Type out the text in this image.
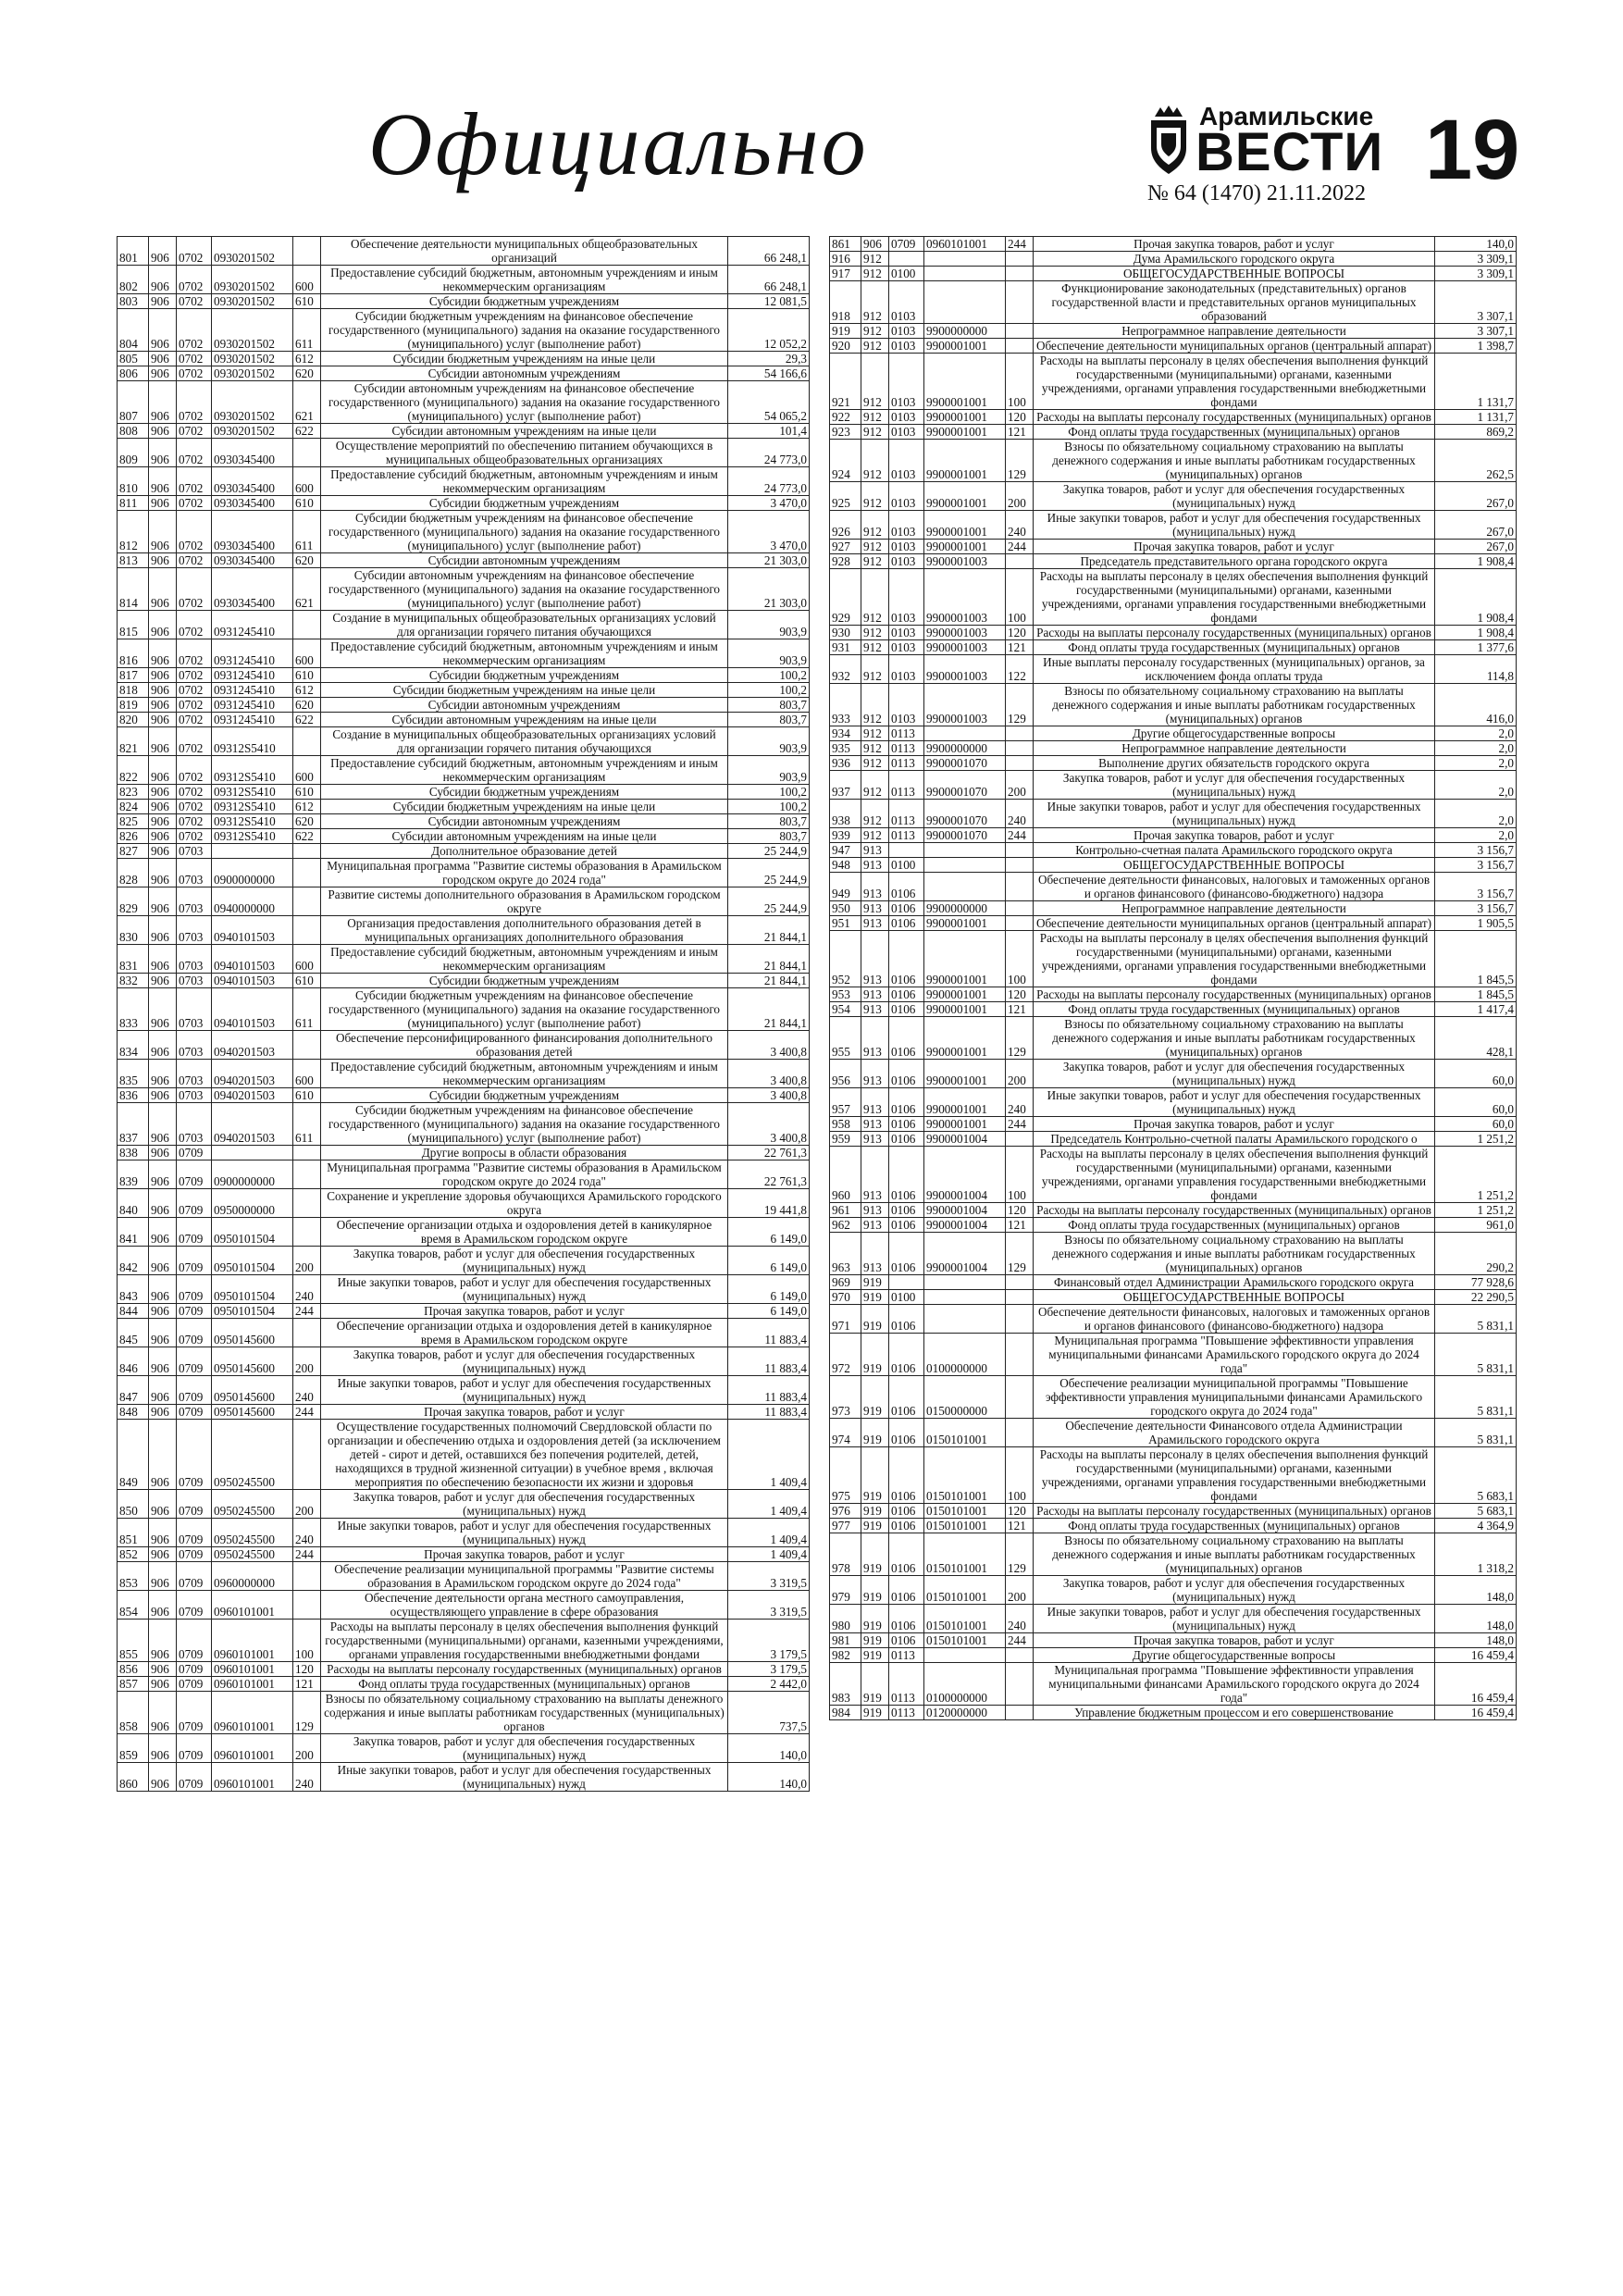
Официально	Арамильские
ВЕСТИ 19
№ 64 (1470) 21.11.2022
801	906	0702	0930201502		Обеспечение деятельности муниципальных общеобразовательных организаций	66 248,1
802	906	0702	0930201502	600	Предоставление субсидий бюджетным, автономным учреждениям и иным некоммерческим организациям	66 248,1
803	906	0702	0930201502	610	Субсидии бюджетным учреждениям	12 081,5
804	906	0702	0930201502	611	Субсидии бюджетным учреждениям на финансовое обеспечение государственного (муниципального) задания на оказание государственного (муниципального) услуг (выполнение работ)	12 052,2
805	906	0702	0930201502	612	Субсидии бюджетным учреждениям на иные цели	29,3
806	906	0702	0930201502	620	Субсидии автономным учреждениям	54 166,6
807	906	0702	0930201502	621	Субсидии автономным учреждениям на финансовое обеспечение государственного (муниципального) задания на оказание государственного (муниципального) услуг (выполнение работ)	54 065,2
808	906	0702	0930201502	622	Субсидии автономным учреждениям на иные цели	101,4
809	906	0702	0930345400		Осуществление мероприятий по обеспечению питанием обучающихся в муниципальных общеобразовательных организациях	24 773,0
810	906	0702	0930345400	600	Предоставление субсидий бюджетным, автономным учреждениям и иным некоммерческим организациям	24 773,0
811	906	0702	0930345400	610	Субсидии бюджетным учреждениям	3 470,0
812	906	0702	0930345400	611	Субсидии бюджетным учреждениям на финансовое обеспечение государственного (муниципального) задания на оказание государственного (муниципального) услуг (выполнение работ)	3 470,0
813	906	0702	0930345400	620	Субсидии автономным учреждениям	21 303,0
814	906	0702	0930345400	621	Субсидии автономным учреждениям на финансовое обеспечение государственного (муниципального) задания на оказание государственного (муниципального) услуг (выполнение работ)	21 303,0
815	906	0702	0931245410		Создание в муниципальных общеобразовательных организациях условий для организации горячего питания обучающихся	903,9
816	906	0702	0931245410	600	Предоставление субсидий бюджетным, автономным учреждениям и иным некоммерческим организациям	903,9
817	906	0702	0931245410	610	Субсидии бюджетным учреждениям	100,2
818	906	0702	0931245410	612	Субсидии бюджетным учреждениям на иные цели	100,2
819	906	0702	0931245410	620	Субсидии автономным учреждениям	803,7
820	906	0702	0931245410	622	Субсидии автономным учреждениям на иные цели	803,7
821	906	0702	09312S5410		Создание в муниципальных общеобразовательных организациях условий для организации горячего питания обучающихся	903,9
822	906	0702	09312S5410	600	Предоставление субсидий бюджетным, автономным учреждениям и иным некоммерческим организациям	903,9
823	906	0702	09312S5410	610	Субсидии бюджетным учреждениям	100,2
824	906	0702	09312S5410	612	Субсидии бюджетным учреждениям на иные цели	100,2
825	906	0702	09312S5410	620	Субсидии автономным учреждениям	803,7
826	906	0702	09312S5410	622	Субсидии автономным учреждениям на иные цели	803,7
827	906	0703			Дополнительное образование детей	25 244,9
828	906	0703	0900000000		Муниципальная программа "Развитие системы образования в Арамильском городском округе до 2024 года"	25 244,9
829	906	0703	0940000000		Развитие системы дополнительного образования в Арамильском городском округе	25 244,9
830	906	0703	0940101503		Организация предоставления дополнительного образования детей в муниципальных организациях дополнительного образования	21 844,1
831	906	0703	0940101503	600	Предоставление субсидий бюджетным, автономным учреждениям и иным некоммерческим организациям	21 844,1
832	906	0703	0940101503	610	Субсидии бюджетным учреждениям	21 844,1
833	906	0703	0940101503	611	Субсидии бюджетным учреждениям на финансовое обеспечение государственного (муниципального) задания на оказание государственного (муниципального) услуг (выполнение работ)	21 844,1
834	906	0703	0940201503		Обеспечение персонифицированного финансирования дополнительного образования детей	3 400,8
835	906	0703	0940201503	600	Предоставление субсидий бюджетным, автономным учреждениям и иным некоммерческим организациям	3 400,8
836	906	0703	0940201503	610	Субсидии бюджетным учреждениям	3 400,8
837	906	0703	0940201503	611	Субсидии бюджетным учреждениям на финансовое обеспечение государственного (муниципального) задания на оказание государственного (муниципального) услуг (выполнение работ)	3 400,8
838	906	0709			Другие вопросы в области образования	22 761,3
839	906	0709	0900000000		Муниципальная программа "Развитие системы образования в Арамильском городском округе до 2024 года"	22 761,3
840	906	0709	0950000000		Сохранение и укрепление здоровья обучающихся Арамильского городского округа	19 441,8
841	906	0709	0950101504		Обеспечение организации отдыха и оздоровления детей в каникулярное время в Арамильском городском округе	6 149,0
842	906	0709	0950101504	200	Закупка товаров, работ и услуг для обеспечения государственных (муниципальных) нужд	6 149,0
843	906	0709	0950101504	240	Иные закупки товаров, работ и услуг для обеспечения государственных (муниципальных) нужд	6 149,0
844	906	0709	0950101504	244	Прочая закупка товаров, работ и услуг	6 149,0
845	906	0709	0950145600		Обеспечение организации отдыха и оздоровления детей в каникулярное время в Арамильском городском округе	11 883,4
846	906	0709	0950145600	200	Закупка товаров, работ и услуг для обеспечения государственных (муниципальных) нужд	11 883,4
847	906	0709	0950145600	240	Иные закупки товаров, работ и услуг для обеспечения государственных (муниципальных) нужд	11 883,4
848	906	0709	0950145600	244	Прочая закупка товаров, работ и услуг	11 883,4
849	906	0709	0950245500		Осуществление государственных полномочий Свердловской области по организации и обеспечению отдыха и оздоровления детей (за исключением детей - сирот и детей, оставшихся без попечения родителей, детей, находящихся в трудной жизненной ситуации) в учебное время , включая мероприятия по обеспечению безопасности их жизни и здоровья	1 409,4
850	906	0709	0950245500	200	Закупка товаров, работ и услуг для обеспечения государственных (муниципальных) нужд	1 409,4
851	906	0709	0950245500	240	Иные закупки товаров, работ и услуг для обеспечения государственных (муниципальных) нужд	1 409,4
852	906	0709	0950245500	244	Прочая закупка товаров, работ и услуг	1 409,4
853	906	0709	0960000000		Обеспечение реализации муниципальной программы "Развитие системы образования в Арамильском городском округе до 2024 года"	3 319,5
854	906	0709	0960101001		Обеспечение деятельности органа местного самоуправления, осуществляющего управление в сфере образования	3 319,5
855	906	0709	0960101001	100	Расходы на выплаты персоналу в целях обеспечения выполнения функций государственными (муниципальными) органами, казенными учреждениями, органами управления государственными внебюджетными фондами	3 179,5
856	906	0709	0960101001	120	Расходы на выплаты персоналу государственных (муниципальных) органов	3 179,5
857	906	0709	0960101001	121	Фонд оплаты труда государственных (муниципальных) органов	2 442,0
858	906	0709	0960101001	129	Взносы по обязательному социальному страхованию на выплаты денежного содержания и иные выплаты работникам государственных (муниципальных) органов	737,5
859	906	0709	0960101001	200	Закупка товаров, работ и услуг для обеспечения государственных (муниципальных) нужд	140,0
860	906	0709	0960101001	240	Иные закупки товаров, работ и услуг для обеспечения государственных (муниципальных) нужд	140,0
861	906	0709	0960101001	244	Прочая закупка товаров, работ и услуг	140,0
916	912				Дума Арамильского городского округа	3 309,1
917	912	0100			ОБЩЕГОСУДАРСТВЕННЫЕ ВОПРОСЫ	3 309,1
918	912	0103			Функционирование законодательных (представительных) органов государственной власти и представительных органов муниципальных образований	3 307,1
919	912	0103	9900000000		Непрограммное направление деятельности	3 307,1
920	912	0103	9900001001		Обеспечение деятельности муниципальных органов (центральный аппарат)	1 398,7
921	912	0103	9900001001	100	Расходы на выплаты персоналу в целях обеспечения выполнения функций государственными (муниципальными) органами, казенными учреждениями, органами управления государственными внебюджетными фондами	1 131,7
922	912	0103	9900001001	120	Расходы на выплаты персоналу государственных (муниципальных) органов	1 131,7
923	912	0103	9900001001	121	Фонд оплаты труда государственных (муниципальных) органов	869,2
924	912	0103	9900001001	129	Взносы по обязательному социальному страхованию на выплаты денежного содержания и иные выплаты работникам государственных (муниципальных) органов	262,5
925	912	0103	9900001001	200	Закупка товаров, работ и услуг для обеспечения государственных (муниципальных) нужд	267,0
926	912	0103	9900001001	240	Иные закупки товаров, работ и услуг для обеспечения государственных (муниципальных) нужд	267,0
927	912	0103	9900001001	244	Прочая закупка товаров, работ и услуг	267,0
928	912	0103	9900001003		Председатель представительного органа городского округа	1 908,4
929	912	0103	9900001003	100	Расходы на выплаты персоналу в целях обеспечения выполнения функций государственными (муниципальными) органами, казенными учреждениями, органами управления государственными внебюджетными фондами	1 908,4
930	912	0103	9900001003	120	Расходы на выплаты персоналу государственных (муниципальных) органов	1 908,4
931	912	0103	9900001003	121	Фонд оплаты труда государственных (муниципальных) органов	1 377,6
932	912	0103	9900001003	122	Иные выплаты персоналу государственных (муниципальных) органов, за исключением фонда оплаты труда	114,8
933	912	0103	9900001003	129	Взносы по обязательному социальному страхованию на выплаты денежного содержания и иные выплаты работникам государственных (муниципальных) органов	416,0
934	912	0113			Другие общегосударственные вопросы	2,0
935	912	0113	9900000000		Непрограммное направление деятельности	2,0
936	912	0113	9900001070		Выполнение других обязательств городского округа	2,0
937	912	0113	9900001070	200	Закупка товаров, работ и услуг для обеспечения государственных (муниципальных) нужд	2,0
938	912	0113	9900001070	240	Иные закупки товаров, работ и услуг для обеспечения государственных (муниципальных) нужд	2,0
939	912	0113	9900001070	244	Прочая закупка товаров, работ и услуг	2,0
947	913				Контрольно-счетная палата Арамильского городского округа	3 156,7
948	913	0100			ОБЩЕГОСУДАРСТВЕННЫЕ ВОПРОСЫ	3 156,7
949	913	0106			Обеспечение деятельности финансовых, налоговых и таможенных органов и органов финансового (финансово-бюджетного) надзора	3 156,7
950	913	0106	9900000000		Непрограммное направление деятельности	3 156,7
951	913	0106	9900001001		Обеспечение деятельности муниципальных органов (центральный аппарат)	1 905,5
952	913	0106	9900001001	100	Расходы на выплаты персоналу в целях обеспечения выполнения функций государственными (муниципальными) органами, казенными учреждениями, органами управления государственными внебюджетными фондами	1 845,5
953	913	0106	9900001001	120	Расходы на выплаты персоналу государственных (муниципальных) органов	1 845,5
954	913	0106	9900001001	121	Фонд оплаты труда государственных (муниципальных) органов	1 417,4
955	913	0106	9900001001	129	Взносы по обязательному социальному страхованию на выплаты денежного содержания и иные выплаты работникам государственных (муниципальных) органов	428,1
956	913	0106	9900001001	200	Закупка товаров, работ и услуг для обеспечения государственных (муниципальных) нужд	60,0
957	913	0106	9900001001	240	Иные закупки товаров, работ и услуг для обеспечения государственных (муниципальных) нужд	60,0
958	913	0106	9900001001	244	Прочая закупка товаров, работ и услуг	60,0
959	913	0106	9900001004		Председатель Контрольно-счетной палаты Арамильского городского о	1 251,2
960	913	0106	9900001004	100	Расходы на выплаты персоналу в целях обеспечения выполнения функций государственными (муниципальными) органами, казенными учреждениями, органами управления государственными внебюджетными фондами	1 251,2
961	913	0106	9900001004	120	Расходы на выплаты персоналу государственных (муниципальных) органов	1 251,2
962	913	0106	9900001004	121	Фонд оплаты труда государственных (муниципальных) органов	961,0
963	913	0106	9900001004	129	Взносы по обязательному социальному страхованию на выплаты денежного содержания и иные выплаты работникам государственных (муниципальных) органов	290,2
969	919				Финансовый отдел Администрации Арамильского городского округа	77 928,6
970	919	0100			ОБЩЕГОСУДАРСТВЕННЫЕ ВОПРОСЫ	22 290,5
971	919	0106			Обеспечение деятельности финансовых, налоговых и таможенных органов и органов финансового (финансово-бюджетного) надзора	5 831,1
972	919	0106	0100000000		Муниципальная программа "Повышение эффективности управления муниципальными финансами Арамильского городского округа до 2024 года"	5 831,1
973	919	0106	0150000000		Обеспечение реализации муниципальной программы "Повышение эффективности управления муниципальными финансами Арамильского городского округа до 2024 года"	5 831,1
974	919	0106	0150101001		Обеспечение деятельности Финансового отдела Администрации Арамильского городского округа	5 831,1
975	919	0106	0150101001	100	Расходы на выплаты персоналу в целях обеспечения выполнения функций государственными (муниципальными) органами, казенными учреждениями, органами управления государственными внебюджетными фондами	5 683,1
976	919	0106	0150101001	120	Расходы на выплаты персоналу государственных (муниципальных) органов	5 683,1
977	919	0106	0150101001	121	Фонд оплаты труда государственных (муниципальных) органов	4 364,9
978	919	0106	0150101001	129	Взносы по обязательному социальному страхованию на выплаты денежного содержания и иные выплаты работникам государственных (муниципальных) органов	1 318,2
979	919	0106	0150101001	200	Закупка товаров, работ и услуг для обеспечения государственных (муниципальных) нужд	148,0
980	919	0106	0150101001	240	Иные закупки товаров, работ и услуг для обеспечения государственных (муниципальных) нужд	148,0
981	919	0106	0150101001	244	Прочая закупка товаров, работ и услуг	148,0
982	919	0113			Другие общегосударственные вопросы	16 459,4
983	919	0113	0100000000		Муниципальная программа "Повышение эффективности управления муниципальными финансами Арамильского городского округа до 2024 года"	16 459,4
984	919	0113	0120000000		Управление бюджетным процессом и его совершенствование	16 459,4
